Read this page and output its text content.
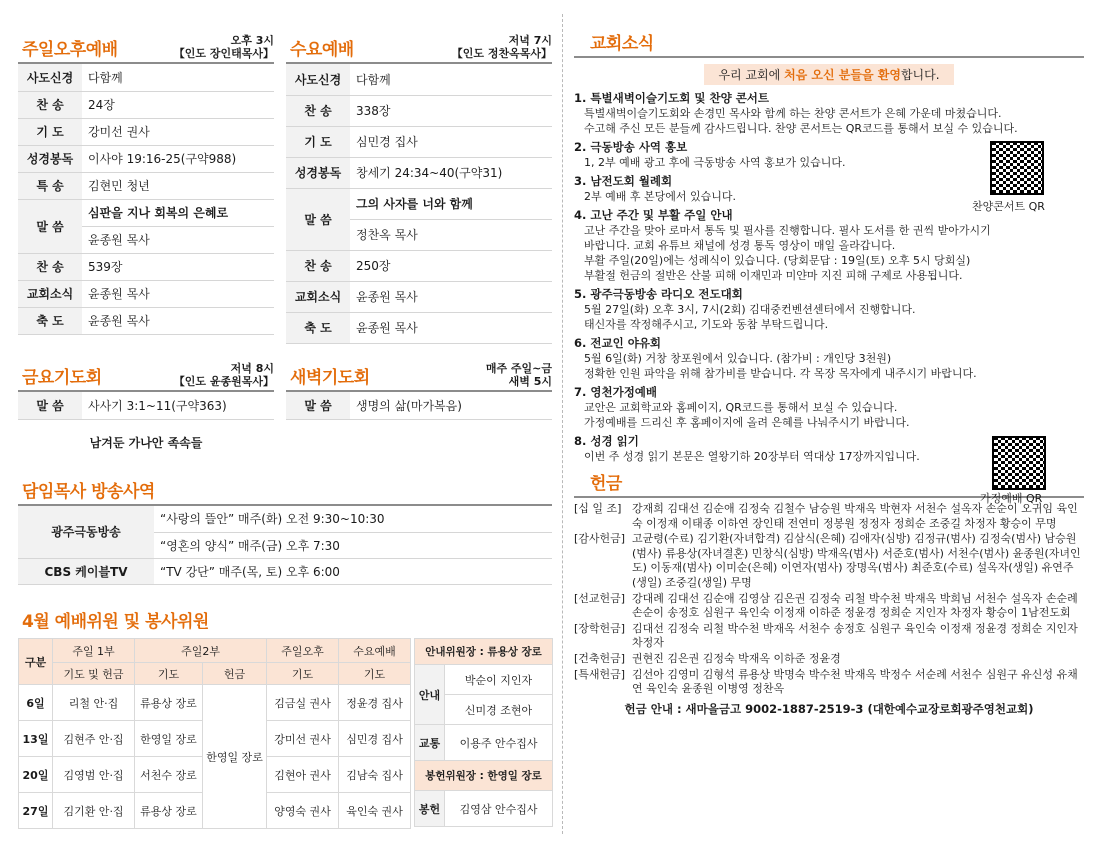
주일오후예배	오후 3시
【인도 장인태목사】
사도신경	다함께
찬 송	24장
기 도	강미선 권사
성경봉독	이사야 19:16-25(구약988)
특 송	김현민 청년
말 씀	심판을 지나 회복의 은혜로
	윤종원 목사
찬 송	539장
교회소식	윤종원 목사
축 도	윤종원 목사
수요예배	저녁 7시
【인도 정찬옥목사】
사도신경	다함께
찬 송	338장
기 도	심민경 집사
성경봉독	창세기 24:34~40(구약31)
말 씀	그의 사자를 너와 함께
	정찬옥 목사
찬 송	250장
교회소식	윤종원 목사
축 도	윤종원 목사
금요기도회	저녁 8시
【인도 윤종원목사】
말 씀	사사기 3:1~11(구약363)
남겨둔 가나안 족속들
새벽기도회	매주 주일~금
새벽 5시
말 씀	생명의 삶(마가복음)
담임목사 방송사역
광주극동방송	“사랑의 뜰안” 매주(화) 오전 9:30~10:30
	“영혼의 양식” 매주(금) 오후 7:30
CBS 케이블TV	“TV 강단” 매주(목, 토) 오후 6:00
4월 예배위원 및 봉사위원
구분	주일 1부	주일2부		주일오후	수요예배
	기도 및 헌금	기도	헌금	기도	기도
6일	리철 안·집	류용상 장로	한영일 장로	김금실 권사	정윤경 집사
13일	김현주 안·집	한영일 장로		강미선 권사	심민경 집사
20일	김영범 안·집	서천수 장로		김현아 권사	김남숙 집사
27일	김기환 안·집	류용상 장로		양영숙 권사	육인숙 권사
안내위원장 : 류용상 장로	
안내	박순이 지인자
	신미경 조현아
교통	이용주 안수집사
봉헌위원장 : 한영일 장로	
봉헌	김영삼 안수집사
교회소식
우리 교회에 처음 오신 분들을 환영합니다.
1. 특별새벽이슬기도회 및 찬양 콘서트
특별새벽이슬기도회와 손경민 목사와 함께 하는 찬양 콘서트가 은혜 가운데 마쳤습니다.
수고해 주신 모든 분들께 감사드립니다. 찬양 콘서트는 QR코드를 통해서 보실 수 있습니다.
2. 극동방송 사역 홍보
1, 2부 예배 광고 후에 극동방송 사역 홍보가 있습니다.
3. 남전도회 월례회
2부 예배 후 본당에서 있습니다.
4. 고난 주간 및 부활 주일 안내
고난 주간을 맞아 로마서 통독 및 필사를 진행합니다. 필사 도서를 한 권씩 받아가시기
바랍니다. 교회 유튜브 채널에 성경 통독 영상이 매일 올라갑니다.
부활 주일(20일)에는 성례식이 있습니다. (당회문답 : 19일(토) 오후 5시 당회실)
부활절 헌금의 절반은 산불 피해 이재민과 미얀마 지진 피해 구제로 사용됩니다.
5. 광주극동방송 라디오 전도대회
5월 27일(화) 오후 3시, 7시(2회) 김대중컨벤션센터에서 진행합니다.
태신자를 작정해주시고, 기도와 동참 부탁드립니다.
6. 전교인 야유회
5월 6일(화) 거창 창포원에서 있습니다. (참가비 : 개인당 3천원)
정확한 인원 파악을 위해 참가비를 받습니다. 각 목장 목자에게 내주시기 바랍니다.
7. 영천가정예배
교안은 교회학교와 홈페이지, QR코드를 통해서 보실 수 있습니다.
가정예배를 드리신 후 홈페이지에 올려 은혜를 나눠주시기 바랍니다.
8. 성경 읽기
이번 주 성경 읽기 본문은 열왕기하 20장부터 역대상 17장까지입니다.
찬양콘서트 QR
가정예배 QR
헌금
[십 일 조] 강재희 김대선 김순애 김정숙 김철수 남승원 박재옥 박현자 서천수 설옥자 손순이 오귀임 육인숙 이정재 이태종 이하연 장인태 전연미 정봉원 정정자 정희순 조중길 차정자 황승이 무명
[감사헌금] 고균령(수료) 김기환(자녀합격) 김삼식(은혜) 김애자(심방) 김정규(범사) 김정숙(범사) 남승원(범사) 류용상(자녀결혼) 민창식(심방) 박재옥(범사) 서준호(범사) 서천수(범사) 윤종원(자녀인도) 이동재(범사) 이미순(은혜) 이연자(범사) 장명옥(범사) 최준호(수료) 설옥자(생일) 유연주(생일) 조중길(생일) 무명
[선교헌금] 강대례 김대선 김순애 김영삼 김은권 김정숙 리철 박수천 박재옥 박희님 서천수 설옥자 손순례 손순이 송정호 심원구 육인숙 이정재 이하준 정윤경 정희순 지인자 차정자 황승이 1남전도회
[장학헌금] 김대선 김정숙 리철 박수천 박재옥 서천수 송정호 심원구 육인숙 이정재 정윤경 정희순 지인자 차정자
[건축헌금] 권현진 김은권 김정숙 박재옥 이하준 정윤경
[특새헌금] 김선아 김영미 김형석 류용상 박명숙 박수천 박재옥 박정수 서순례 서천수 심원구 유신성 유채연 육인숙 윤종원 이병영 정찬옥
헌금 안내 : 새마을금고 9002-1887-2519-3 (대한예수교장로회광주영천교회)
